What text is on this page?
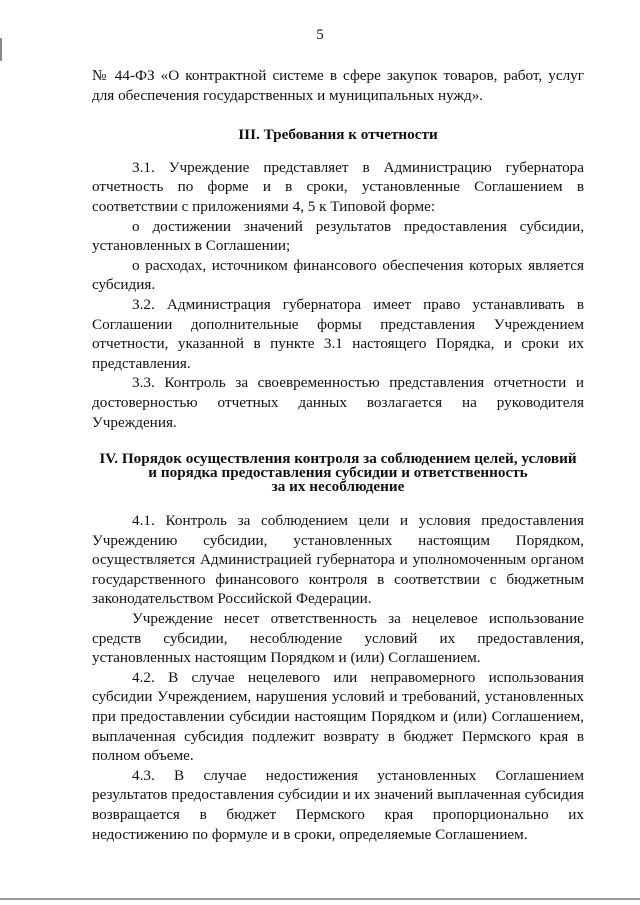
5

№ 44-ФЗ «О контрактной системе в сфере закупок товаров, работ, услуг для обеспечения государственных и муниципальных нужд».

III. Требования к отчетности

3.1. Учреждение представляет в Администрацию губернатора отчетность по форме и в сроки, установленные Соглашением в соответствии с приложениями 4, 5 к Типовой форме:

о достижении значений результатов предоставления субсидии, установленных в Соглашении;

о расходах, источником финансового обеспечения которых является субсидия.

3.2. Администрация губернатора имеет право устанавливать в Соглашении дополнительные формы представления Учреждением отчетности, указанной в пункте 3.1 настоящего Порядка, и сроки их представления.

3.3. Контроль за своевременностью представления отчетности и достоверностью отчетных данных возлагается на руководителя Учреждения.

IV. Порядок осуществления контроля за соблюдением целей, условий
и порядка предоставления субсидии и ответственность
за их несоблюдение

4.1. Контроль за соблюдением цели и условия предоставления Учреждению субсидии, установленных настоящим Порядком, осуществляется Администрацией губернатора и уполномоченным органом государственного финансового контроля в соответствии с бюджетным законодательством Российской Федерации.

Учреждение несет ответственность за нецелевое использование средств субсидии, несоблюдение условий их предоставления, установленных настоящим Порядком и (или) Соглашением.

4.2. В случае нецелевого или неправомерного использования субсидии Учреждением, нарушения условий и требований, установленных при предоставлении субсидии настоящим Порядком и (или) Соглашением, выплаченная субсидия подлежит возврату в бюджет Пермского края в полном объеме.

4.3. В случае недостижения установленных Соглашением результатов предоставления субсидии и их значений выплаченная субсидия возвращается в бюджет Пермского края пропорционально их недостижению по формуле и в сроки, определяемые Соглашением.
